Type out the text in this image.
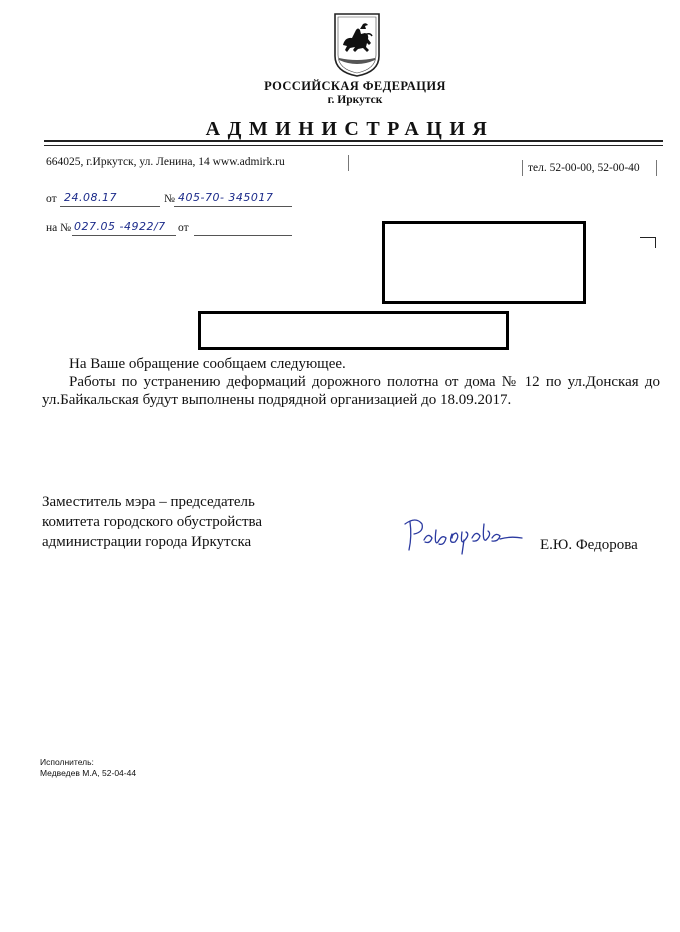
РОССИЙСКАЯ ФЕДЕРАЦИЯ
г. Иркутск
АДМИНИСТРАЦИЯ
664025, г.Иркутск, ул. Ленина, 14 www.admirk.ru	тел. 52-00-00, 52-00-40
от 24.08.17	№ 405-70- 345017
на № 027.05 -4922/7 от

На Ваше обращение сообщаем следующее.

Работы по устранению деформаций дорожного полотна от дома № 12 по ул.Донская до ул.Байкальская будут выполнены подрядной организацией до 18.09.2017.

Заместитель мэра – председатель
комитета городского обустройства
администрации города Иркутска	Е.Ю. Федорова
Исполнитель:
Медведев М.А, 52-04-44
